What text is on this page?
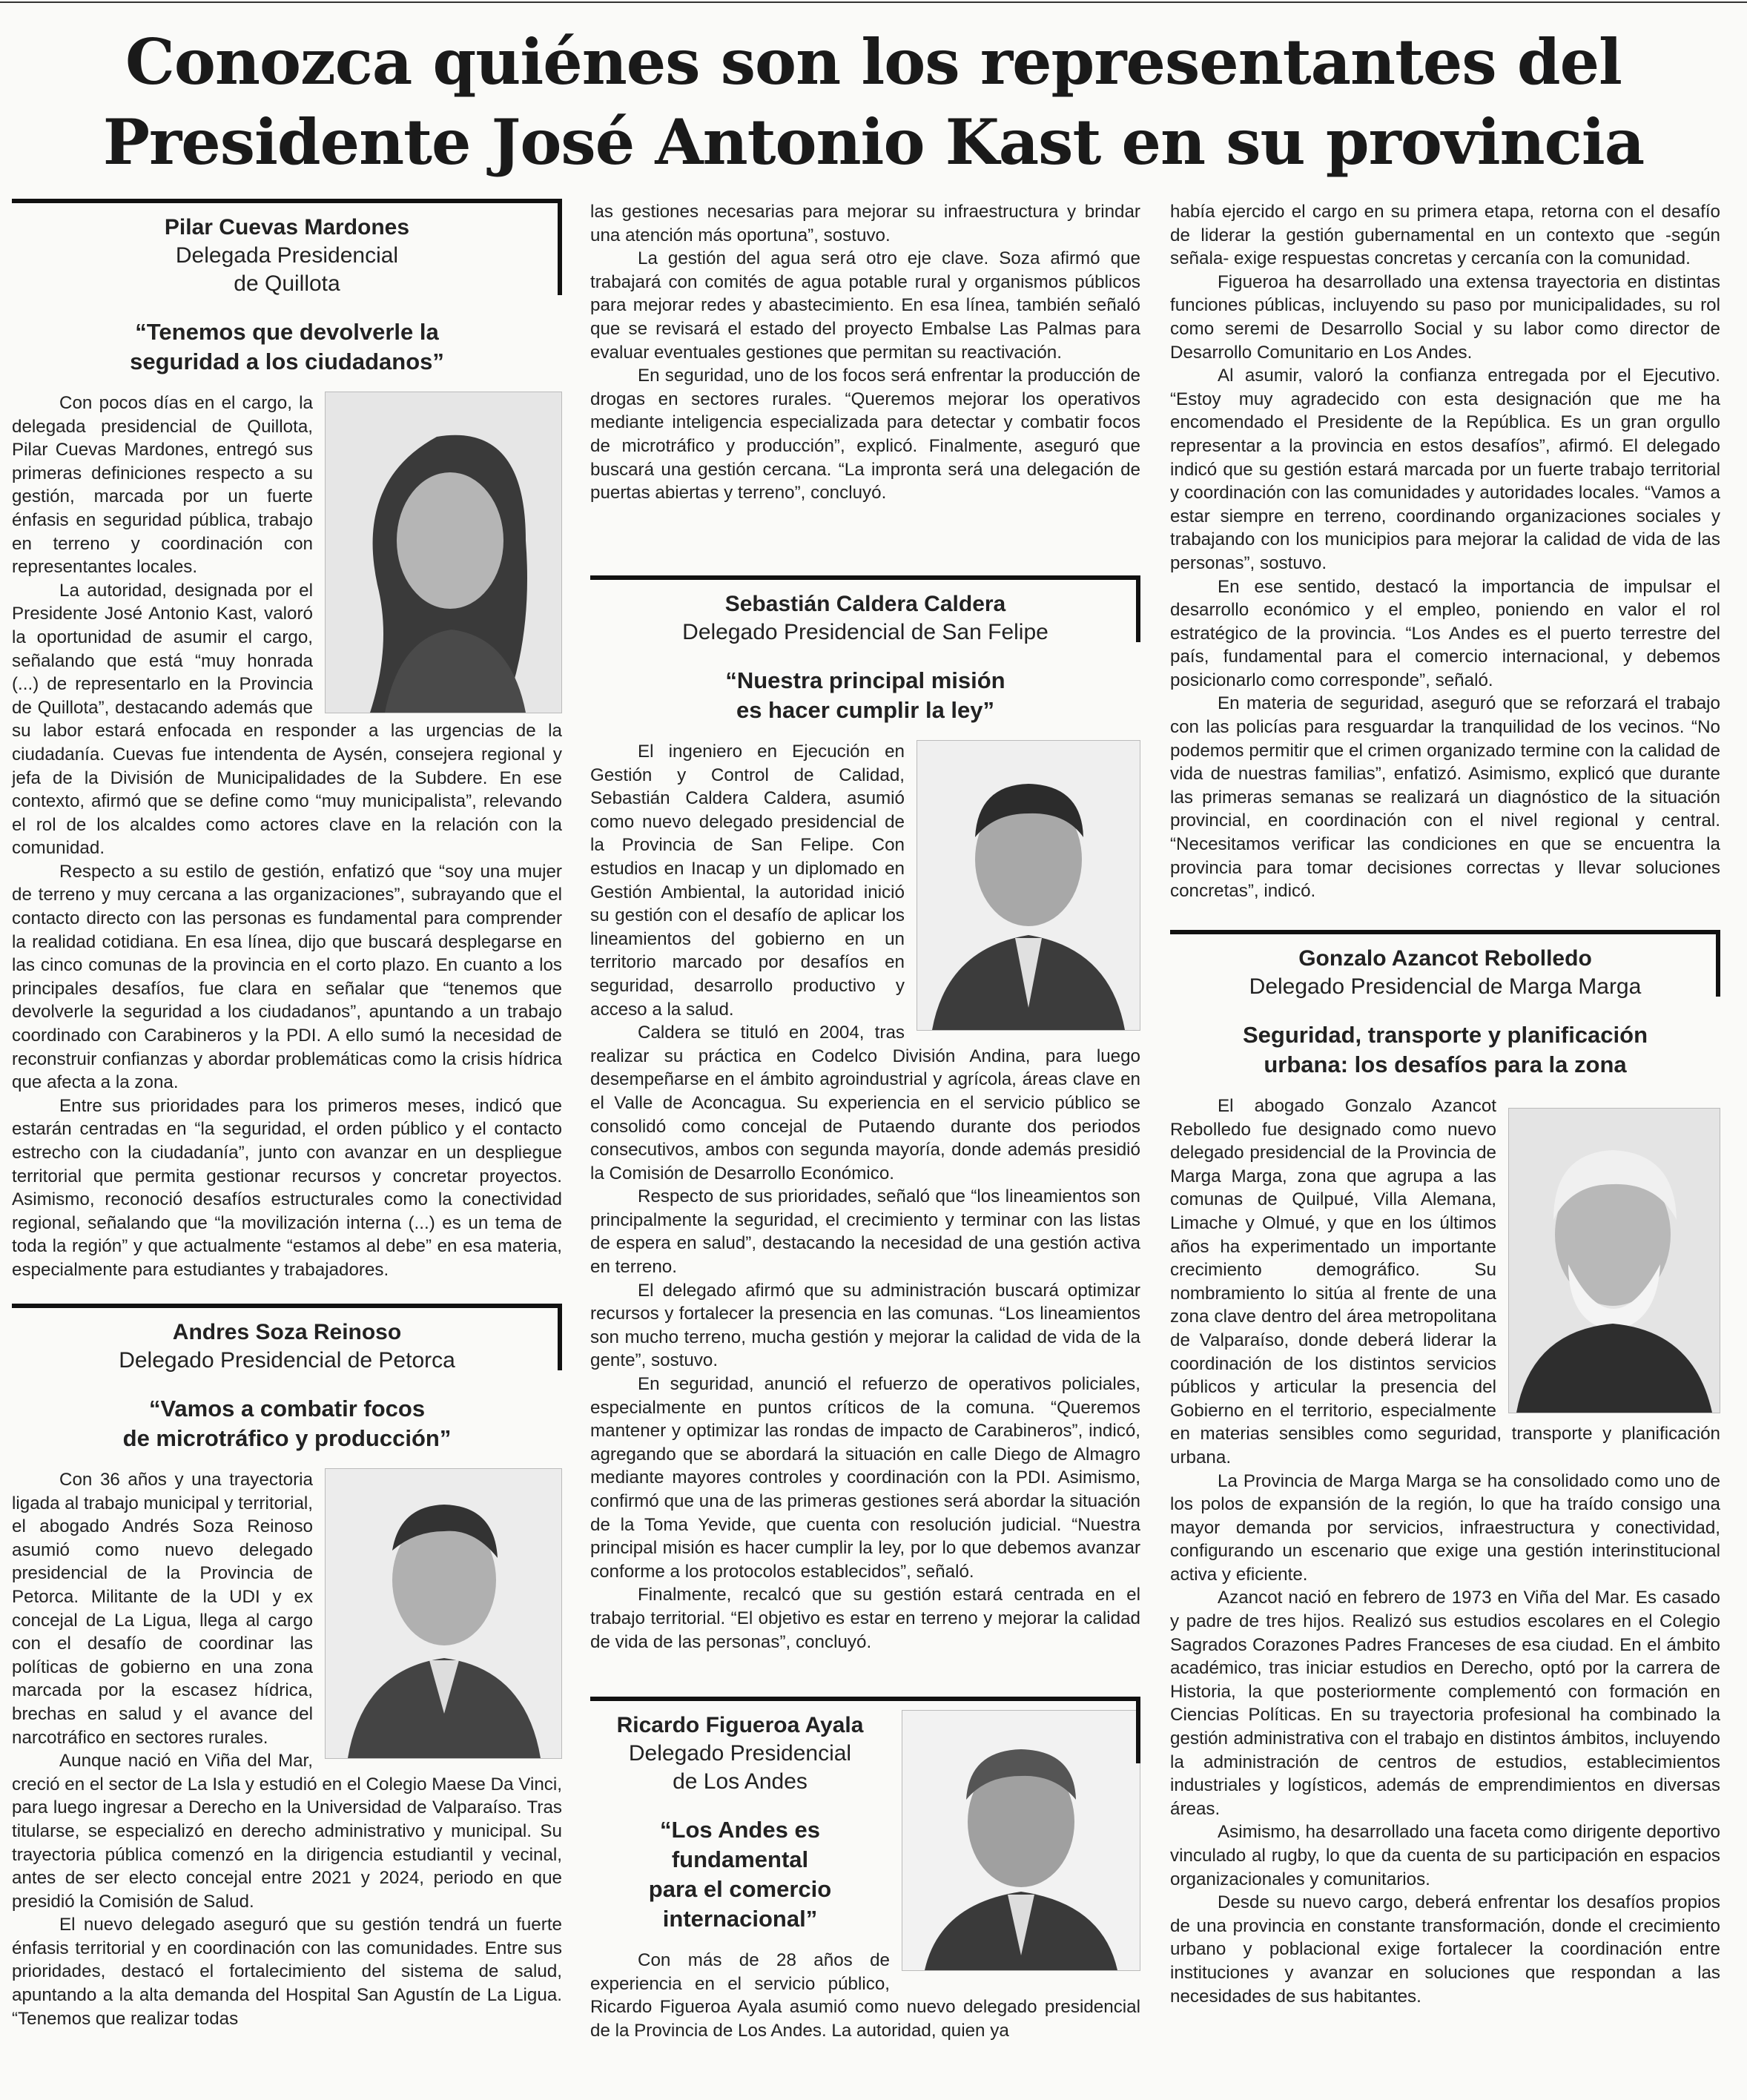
Conozca quiénes son los representantes del
Presidente José Antonio Kast en su provincia
Pilar Cuevas Mardones
Delegada Presidencial
de Quillota
“Tenemos que devolverle la
seguridad a los ciudadanos”

Con pocos días en el cargo, la delegada presidencial de Quillota, Pilar Cuevas Mardones, entregó sus primeras definiciones respecto a su gestión, marcada por un fuerte énfasis en seguridad pública, trabajo en terreno y coordinación con representantes locales.

La autoridad, designada por el Presidente José Antonio Kast, valoró la oportunidad de asumir el cargo, señalando que está “muy honrada (...) de representarlo en la Provincia de Quillota”, destacando además que su labor estará enfocada en responder a las urgencias de la ciudadanía. Cuevas fue intendenta de Aysén, consejera regional y jefa de la División de Municipalidades de la Subdere. En ese contexto, afirmó que se define como “muy municipalista”, relevando el rol de los alcaldes como actores clave en la relación con la comunidad.

Respecto a su estilo de gestión, enfatizó que “soy una mujer de terreno y muy cercana a las organizaciones”, subrayando que el contacto directo con las personas es fundamental para comprender la realidad cotidiana. En esa línea, dijo que buscará desplegarse en las cinco comunas de la provincia en el corto plazo. En cuanto a los principales desafíos, fue clara en señalar que “tenemos que devolverle la seguridad a los ciudadanos”, apuntando a un trabajo coordinado con Carabineros y la PDI. A ello sumó la necesidad de reconstruir confianzas y abordar problemáticas como la crisis hídrica que afecta a la zona.

Entre sus prioridades para los primeros meses, indicó que estarán centradas en “la seguridad, el orden público y el contacto estrecho con la ciudadanía”, junto con avanzar en un despliegue territorial que permita gestionar recursos y concretar proyectos. Asimismo, reconoció desafíos estructurales como la conectividad regional, señalando que “la movilización interna (...) es un tema de toda la región” y que actualmente “estamos al debe” en esa materia, especialmente para estudiantes y trabajadores.

Andres Soza Reinoso
Delegado Presidencial de Petorca
“Vamos a combatir focos
de microtráfico y producción”

Con 36 años y una trayectoria ligada al trabajo municipal y territorial, el abogado Andrés Soza Reinoso asumió como nuevo delegado presidencial de la Provincia de Petorca. Militante de la UDI y ex concejal de La Ligua, llega al cargo con el desafío de coordinar las políticas de gobierno en una zona marcada por la escasez hídrica, brechas en salud y el avance del narcotráfico en sectores rurales.

Aunque nació en Viña del Mar, creció en el sector de La Isla y estudió en el Colegio Maese Da Vinci, para luego ingresar a Derecho en la Universidad de Valparaíso. Tras titularse, se especializó en derecho administrativo y municipal. Su trayectoria pública comenzó en la dirigencia estudiantil y vecinal, antes de ser electo concejal entre 2021 y 2024, periodo en que presidió la Comisión de Salud.

El nuevo delegado aseguró que su gestión tendrá un fuerte énfasis territorial y en coordinación con las comunidades. Entre sus prioridades, destacó el fortalecimiento del sistema de salud, apuntando a la alta demanda del Hospital San Agustín de La Ligua. “Tenemos que realizar todas

las gestiones necesarias para mejorar su infraestructura y brindar una atención más oportuna”, sostuvo.

La gestión del agua será otro eje clave. Soza afirmó que trabajará con comités de agua potable rural y organismos públicos para mejorar redes y abastecimiento. En esa línea, también señaló que se revisará el estado del proyecto Embalse Las Palmas para evaluar eventuales gestiones que permitan su reactivación.

En seguridad, uno de los focos será enfrentar la producción de drogas en sectores rurales. “Queremos mejorar los operativos mediante inteligencia especializada para detectar y combatir focos de microtráfico y producción”, explicó. Finalmente, aseguró que buscará una gestión cercana. “La impronta será una delegación de puertas abiertas y terreno”, concluyó.

Sebastián Caldera Caldera
Delegado Presidencial de San Felipe
“Nuestra principal misión
es hacer cumplir la ley”

El ingeniero en Ejecución en Gestión y Control de Calidad, Sebastián Caldera Caldera, asumió como nuevo delegado presidencial de la Provincia de San Felipe. Con estudios en Inacap y un diplomado en Gestión Ambiental, la autoridad inició su gestión con el desafío de aplicar los lineamientos del gobierno en un territorio marcado por desafíos en seguridad, desarrollo productivo y acceso a la salud.

Caldera se tituló en 2004, tras realizar su práctica en Codelco División Andina, para luego desempeñarse en el ámbito agroindustrial y agrícola, áreas clave en el Valle de Aconcagua. Su experiencia en el servicio público se consolidó como concejal de Putaendo durante dos periodos consecutivos, ambos con segunda mayoría, donde además presidió la Comisión de Desarrollo Económico.

Respecto de sus prioridades, señaló que “los lineamientos son principalmente la seguridad, el crecimiento y terminar con las listas de espera en salud”, destacando la necesidad de una gestión activa en terreno.

El delegado afirmó que su administración buscará optimizar recursos y fortalecer la presencia en las comunas. “Los lineamientos son mucho terreno, mucha gestión y mejorar la calidad de vida de la gente”, sostuvo.

En seguridad, anunció el refuerzo de operativos policiales, especialmente en puntos críticos de la comuna. “Queremos mantener y optimizar las rondas de impacto de Carabineros”, indicó, agregando que se abordará la situación en calle Diego de Almagro mediante mayores controles y coordinación con la PDI. Asimismo, confirmó que una de las primeras gestiones será abordar la situación de la Toma Yevide, que cuenta con resolución judicial. “Nuestra principal misión es hacer cumplir la ley, por lo que debemos avanzar conforme a los protocolos establecidos”, señaló.

Finalmente, recalcó que su gestión estará centrada en el trabajo territorial. “El objetivo es estar en terreno y mejorar la calidad de vida de las personas”, concluyó.

Ricardo Figueroa Ayala
Delegado Presidencial
de Los Andes
“Los Andes es fundamental
para el comercio
internacional”

Con más de 28 años de experiencia en el servicio público, Ricardo Figueroa Ayala asumió como nuevo delegado presidencial de la Provincia de Los Andes. La autoridad, quien ya

había ejercido el cargo en su primera etapa, retorna con el desafío de liderar la gestión gubernamental en un contexto que -según señala- exige respuestas concretas y cercanía con la comunidad.

Figueroa ha desarrollado una extensa trayectoria en distintas funciones públicas, incluyendo su paso por municipalidades, su rol como seremi de Desarrollo Social y su labor como director de Desarrollo Comunitario en Los Andes.

Al asumir, valoró la confianza entregada por el Ejecutivo. “Estoy muy agradecido con esta designación que me ha encomendado el Presidente de la República. Es un gran orgullo representar a la provincia en estos desafíos”, afirmó. El delegado indicó que su gestión estará marcada por un fuerte trabajo territorial y coordinación con las comunidades y autoridades locales. “Vamos a estar siempre en terreno, coordinando organizaciones sociales y trabajando con los municipios para mejorar la calidad de vida de las personas”, sostuvo.

En ese sentido, destacó la importancia de impulsar el desarrollo económico y el empleo, poniendo en valor el rol estratégico de la provincia. “Los Andes es el puerto terrestre del país, fundamental para el comercio internacional, y debemos posicionarlo como corresponde”, señaló.

En materia de seguridad, aseguró que se reforzará el trabajo con las policías para resguardar la tranquilidad de los vecinos. “No podemos permitir que el crimen organizado termine con la calidad de vida de nuestras familias”, enfatizó. Asimismo, explicó que durante las primeras semanas se realizará un diagnóstico de la situación provincial, en coordinación con el nivel regional y central. “Necesitamos verificar las condiciones en que se encuentra la provincia para tomar decisiones correctas y llevar soluciones concretas”, indicó.

Gonzalo Azancot Rebolledo
Delegado Presidencial de Marga Marga
Seguridad, transporte y planificación
urbana: los desafíos para la zona

El abogado Gonzalo Azancot Rebolledo fue designado como nuevo delegado presidencial de la Provincia de Marga Marga, zona que agrupa a las comunas de Quilpué, Villa Alemana, Limache y Olmué, y que en los últimos años ha experimentado un importante crecimiento demográfico. Su nombramiento lo sitúa al frente de una zona clave dentro del área metropolitana de Valparaíso, donde deberá liderar la coordinación de los distintos servicios públicos y articular la presencia del Gobierno en el territorio, especialmente en materias sensibles como seguridad, transporte y planificación urbana.

La Provincia de Marga Marga se ha consolidado como uno de los polos de expansión de la región, lo que ha traído consigo una mayor demanda por servicios, infraestructura y conectividad, configurando un escenario que exige una gestión interinstitucional activa y eficiente.

Azancot nació en febrero de 1973 en Viña del Mar. Es casado y padre de tres hijos. Realizó sus estudios escolares en el Colegio Sagrados Corazones Padres Franceses de esa ciudad. En el ámbito académico, tras iniciar estudios en Derecho, optó por la carrera de Historia, la que posteriormente complementó con formación en Ciencias Políticas. En su trayectoria profesional ha combinado la gestión administrativa con el trabajo en distintos ámbitos, incluyendo la administración de centros de estudios, establecimientos industriales y logísticos, además de emprendimientos en diversas áreas.

Asimismo, ha desarrollado una faceta como dirigente deportivo vinculado al rugby, lo que da cuenta de su participación en espacios organizacionales y comunitarios.

Desde su nuevo cargo, deberá enfrentar los desafíos propios de una provincia en constante transformación, donde el crecimiento urbano y poblacional exige fortalecer la coordinación entre instituciones y avanzar en soluciones que respondan a las necesidades de sus habitantes.
